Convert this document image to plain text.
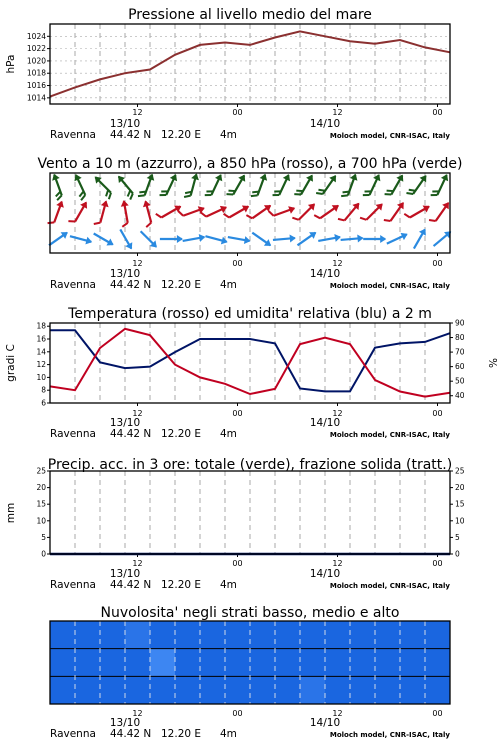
Pressione al livello medio del mare
12	00	12	00
13/10	14/10
Ravenna 44.42 N 12.20 E 4m	Moloch model, CNR-ISAC, Italy
1014
1016
1018
1020
1022
1024
hPa
Vento a 10 m (azzurro), a 850 hPa (rosso), a 700 hPa (verde)
12	00	12	00
13/10	14/10
Ravenna 44.42 N 12.20 E 4m	Moloch model, CNR-ISAC, Italy
Temperatura (rosso) ed umidita' relativa (blu) a 2 m
12	00	12	00
13/10	14/10
Ravenna 44.42 N 12.20 E 4m	Moloch model, CNR-ISAC, Italy
6
8
10
12
14
16
18
40
50
60
70
80
90
gradi C	%
Precip. acc. in 3 ore: totale (verde), frazione solida (tratt.)
12	00	12	00
13/10	14/10
Ravenna 44.42 N 12.20 E 4m	Moloch model, CNR-ISAC, Italy
0
5
10
15
20
25
0
5
10
15
20
25
mm
Nuvolosita' negli strati basso, medio e alto
12	00	12	00
13/10	14/10
Ravenna 44.42 N 12.20 E 4m	Moloch model, CNR-ISAC, Italy
